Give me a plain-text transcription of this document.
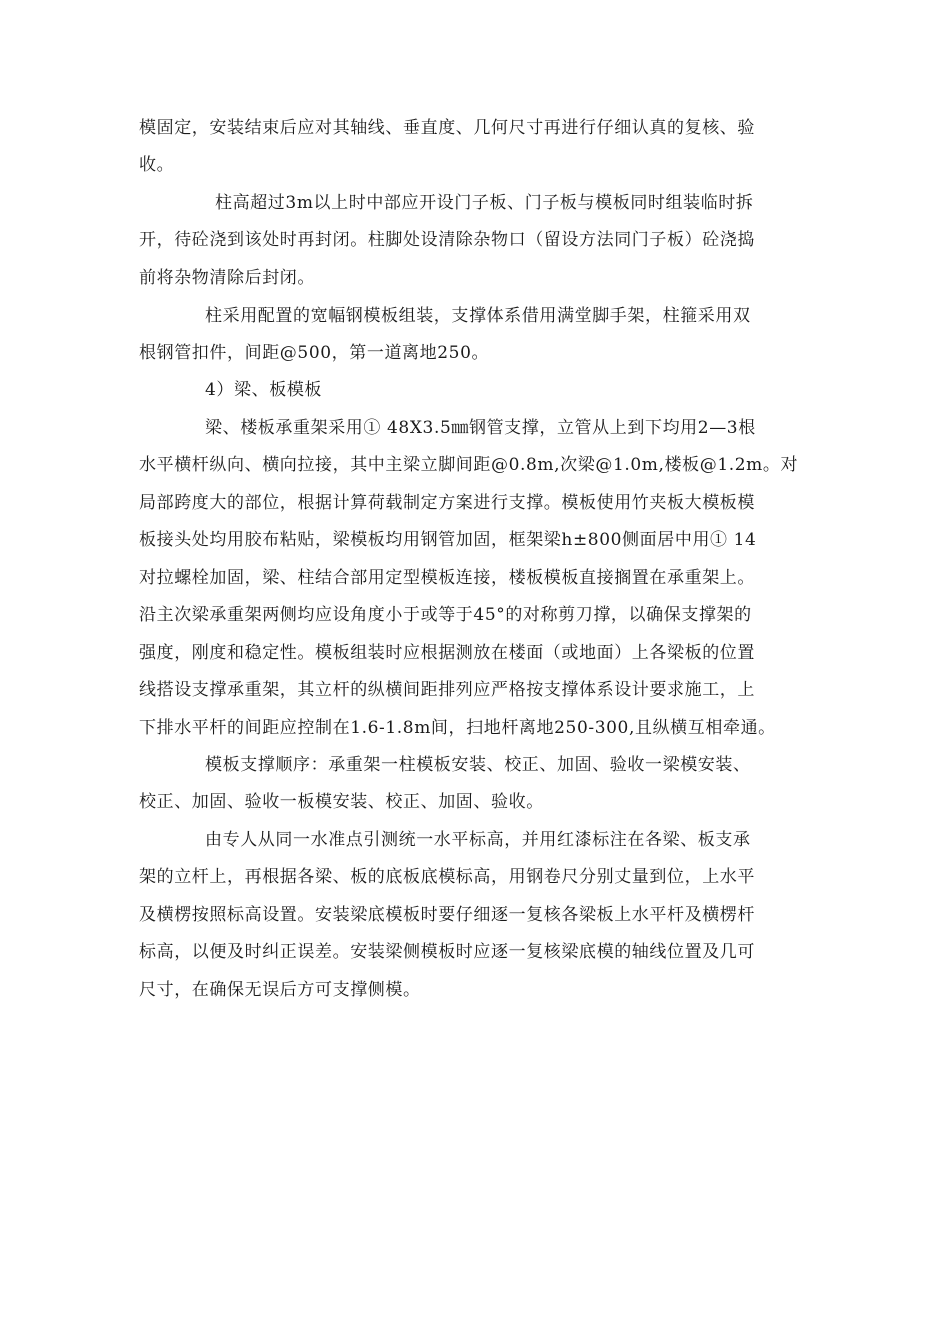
模固定，安装结束后应对其轴线、垂直度、几何尺寸再进行仔细认真的复核、验
收。
柱高超过3m以上时中部应开设门子板、门子板与模板同时组装临时拆
开，待砼浇到该处时再封闭。柱脚处设清除杂物口（留设方法同门子板）砼浇捣
前将杂物清除后封闭。
柱采用配置的宽幅钢模板组装，支撑体系借用满堂脚手架，柱箍采用双
根钢管扣件，间距@500，第一道离地250。
4）梁、板模板
梁、楼板承重架采用① 48X3.5㎜钢管支撑，立管从上到下均用2—3根
水平横杆纵向、横向拉接，其中主梁立脚间距@0.8m,次梁@1.0m,楼板@1.2m。对
局部跨度大的部位，根据计算荷载制定方案进行支撑。模板使用竹夹板大模板模
板接头处均用胶布粘贴，梁模板均用钢管加固，框架梁h±800侧面居中用① 14
对拉螺栓加固，梁、柱结合部用定型模板连接，楼板模板直接搁置在承重架上。
沿主次梁承重架两侧均应设角度小于或等于45°的对称剪刀撑，以确保支撑架的
强度，刚度和稳定性。模板组装时应根据测放在楼面（或地面）上各梁板的位置
线搭设支撑承重架，其立杆的纵横间距排列应严格按支撑体系设计要求施工，上
下排水平杆的间距应控制在1.6-1.8m间，扫地杆离地250-300,且纵横互相牵通。
模板支撑顺序：承重架一柱模板安装、校正、加固、验收一梁模安装、
校正、加固、验收一板模安装、校正、加固、验收。
由专人从同一水准点引测统一水平标高，并用红漆标注在各梁、板支承
架的立杆上，再根据各梁、板的底板底模标高，用钢卷尺分别丈量到位，上水平
及横楞按照标高设置。安装梁底模板时要仔细逐一复核各梁板上水平杆及横楞杆
标高，以便及时纠正误差。安装梁侧模板时应逐一复核梁底模的轴线位置及几可
尺寸，在确保无误后方可支撑侧模。
